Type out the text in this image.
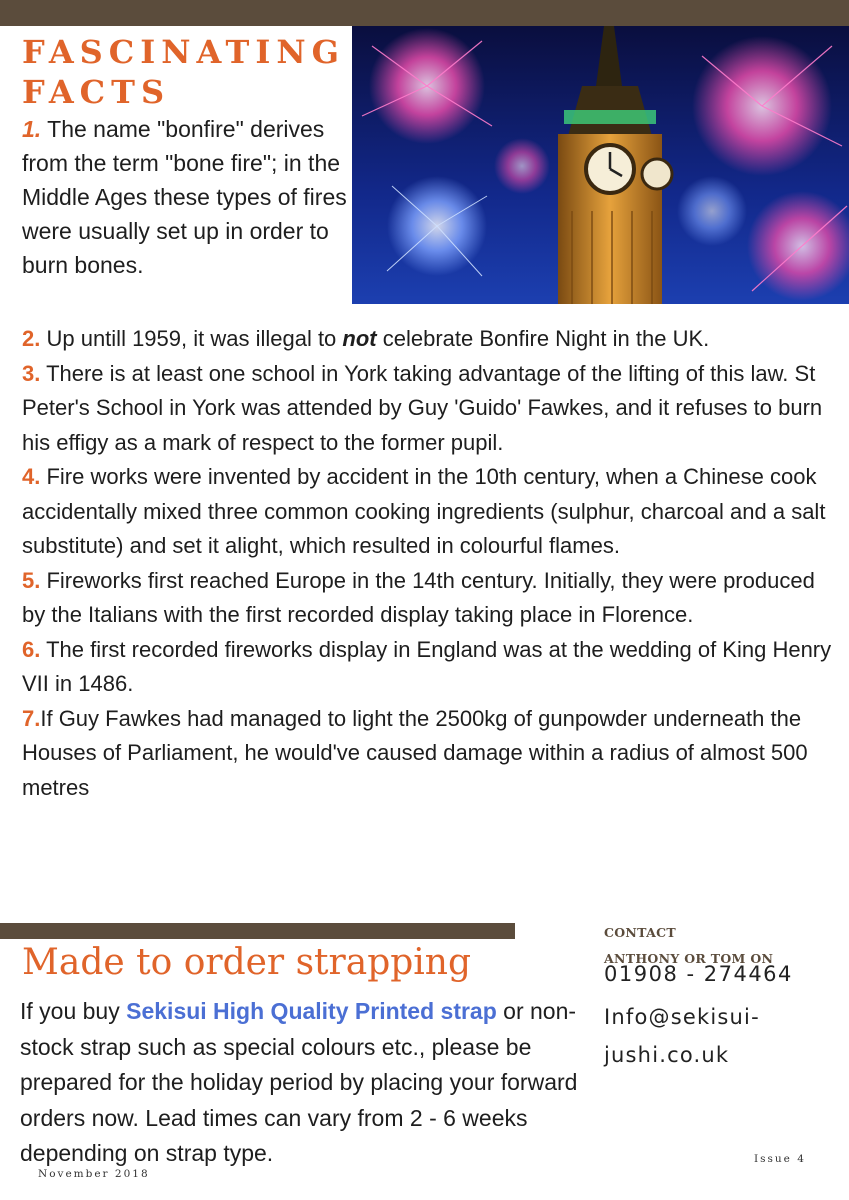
FASCINATING
FACTS

1. The name "bonfire" derives from the term "bone fire"; in the Middle Ages these types of fires were usually set up in order to burn bones.

2. Up untill 1959, it was illegal to not celebrate Bonfire Night in the UK.
3. There is at least one school in York taking advantage of the lifting of this law. St Peter's School in York was attended by Guy 'Guido' Fawkes, and it refuses to burn his effigy as a mark of respect to the former pupil.
4. Fire works were invented by accident in the 10th century, when a Chinese cook accidentally mixed three common cooking ingredients (sulphur, charcoal and a salt substitute) and set it alight, which resulted in colourful flames.
5. Fireworks first reached Europe in the 14th century. Initially, they were produced by the Italians with the first recorded display taking place in Florence.
6. The first recorded fireworks display in England was at the wedding of King Henry VII in 1486.
7.If Guy Fawkes had managed to light the 2500kg of gunpowder underneath the Houses of Parliament, he would've caused damage within a radius of almost 500 metres
Made to order strapping

If you buy Sekisui High Quality Printed strap or non-stock strap such as special colours etc., please be prepared for the holiday period by placing your forward orders now. Lead times can vary from 2 - 6 weeks depending on strap type.

CONTACT
ANTHONY OR TOM ON
01908 - 274464
Info@sekisui-jushi.co.uk
November 2018
Issue 4
